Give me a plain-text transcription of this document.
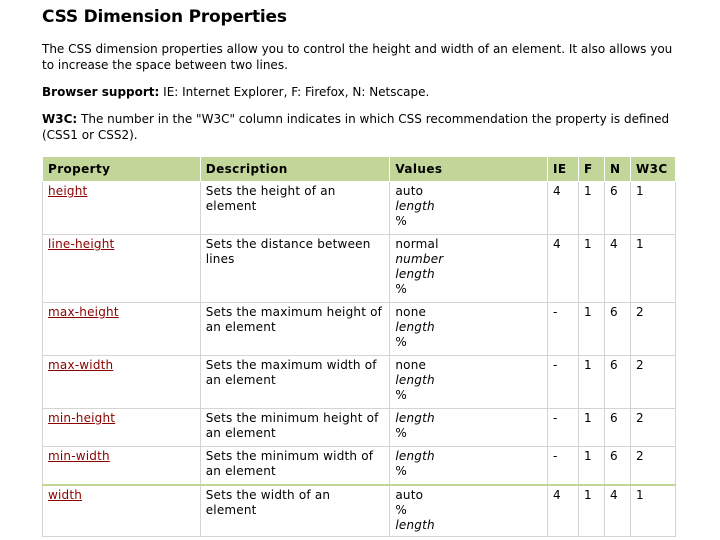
CSS Dimension Properties

The CSS dimension properties allow you to control the height and width of an element. It also allows you to increase the space between two lines.

Browser support: IE: Internet Explorer, F: Firefox, N: Netscape.

W3C: The number in the "W3C" column indicates in which CSS recommendation the property is defined (CSS1 or CSS2).

Property	Description	Values	IE	F	N	W3C
height	Sets the height of an element	auto
length
%	4	1	6	1
line-height	Sets the distance between lines	normal
number
length
%	4	1	4	1
max-height	Sets the maximum height of an element	none
length
%	-	1	6	2
max-width	Sets the maximum width of an element	none
length
%	-	1	6	2
min-height	Sets the minimum height of an element	length
%	-	1	6	2
min-width	Sets the minimum width of an element	length
%	-	1	6	2
width	Sets the width of an element	auto
%
length	4	1	4	1
